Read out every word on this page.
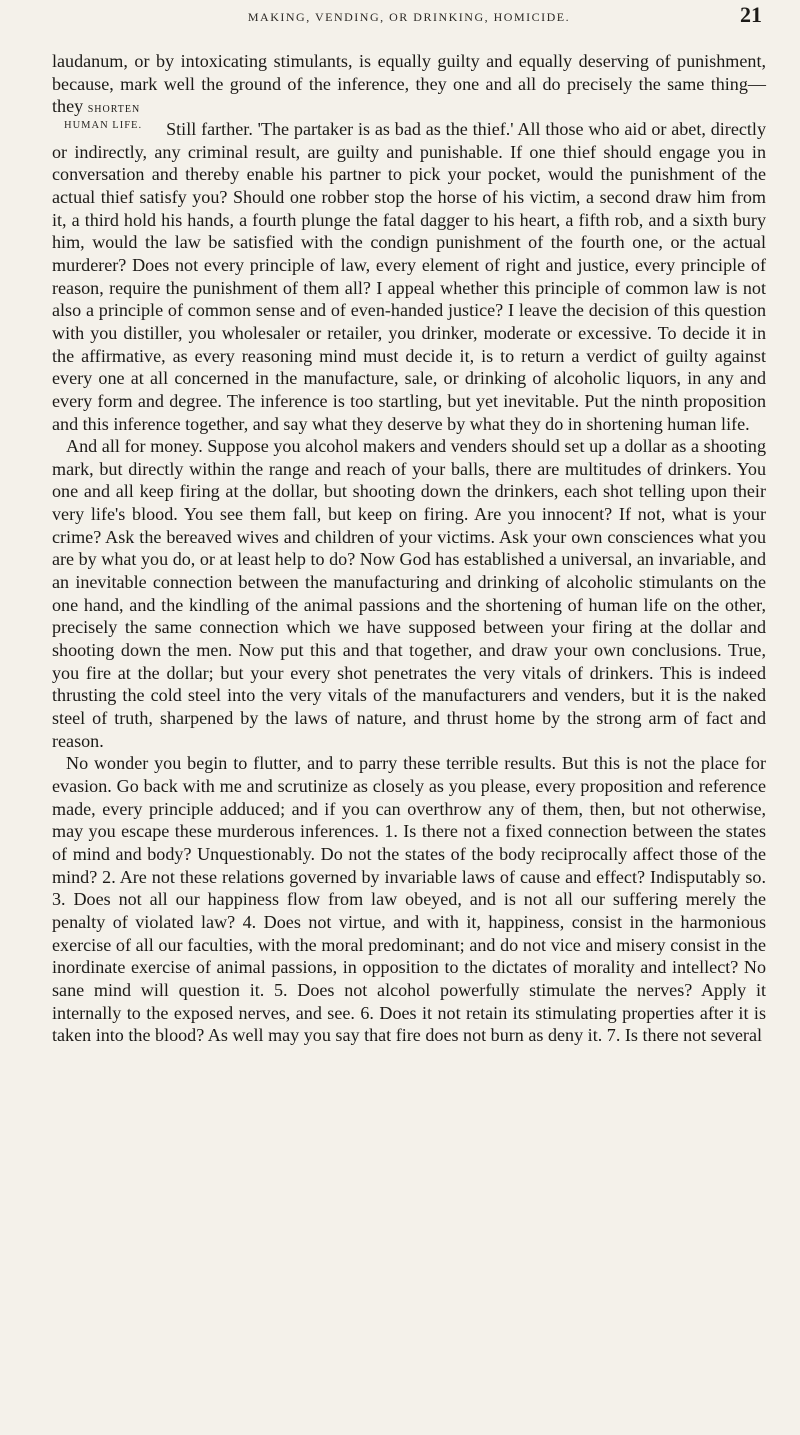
MAKING, VENDING, OR DRINKING, HOMICIDE.	21

laudanum, or by intoxicating stimulants, is equally guilty and equally deserving of punishment, because, mark well the ground of the inference, they one and all do precisely the same thing—they shorten

HUMAN LIFE. Still farther. 'The partaker is as bad as the thief.' All those who aid or abet, directly or indirectly, any criminal result, are guilty and punishable. If one thief should engage you in conversation and thereby enable his partner to pick your pocket, would the punishment of the actual thief satisfy you? Should one robber stop the horse of his victim, a second draw him from it, a third hold his hands, a fourth plunge the fatal dagger to his heart, a fifth rob, and a sixth bury him, would the law be satisfied with the condign punishment of the fourth one, or the actual murderer? Does not every principle of law, every element of right and justice, every principle of reason, require the punishment of them all? I appeal whether this principle of common law is not also a principle of common sense and of even-handed justice? I leave the decision of this question with you distiller, you wholesaler or retailer, you drinker, moderate or excessive. To decide it in the affirmative, as every reasoning mind must decide it, is to return a verdict of guilty against every one at all concerned in the manufacture, sale, or drinking of alcoholic liquors, in any and every form and degree. The inference is too startling, but yet inevitable. Put the ninth proposition and this inference together, and say what they deserve by what they do in shortening human life.

And all for money. Suppose you alcohol makers and venders should set up a dollar as a shooting mark, but directly within the range and reach of your balls, there are multitudes of drinkers. You one and all keep firing at the dollar, but shooting down the drinkers, each shot telling upon their very life's blood. You see them fall, but keep on firing. Are you innocent? If not, what is your crime? Ask the bereaved wives and children of your victims. Ask your own consciences what you are by what you do, or at least help to do? Now God has established a universal, an invariable, and an inevitable connection between the manufacturing and drinking of alcoholic stimulants on the one hand, and the kindling of the animal passions and the shortening of human life on the other, precisely the same connection which we have supposed between your firing at the dollar and shooting down the men. Now put this and that together, and draw your own conclusions. True, you fire at the dollar; but your every shot penetrates the very vitals of drinkers. This is indeed thrusting the cold steel into the very vitals of the manufacturers and venders, but it is the naked steel of truth, sharpened by the laws of nature, and thrust home by the strong arm of fact and reason.

No wonder you begin to flutter, and to parry these terrible results. But this is not the place for evasion. Go back with me and scrutinize as closely as you please, every proposition and reference made, every principle adduced; and if you can overthrow any of them, then, but not otherwise, may you escape these murderous inferences. 1. Is there not a fixed connection between the states of mind and body? Unquestionably. Do not the states of the body reciprocally affect those of the mind? 2. Are not these relations governed by invariable laws of cause and effect? Indisputably so. 3. Does not all our happiness flow from law obeyed, and is not all our suffering merely the penalty of violated law? 4. Does not virtue, and with it, happiness, consist in the harmonious exercise of all our faculties, with the moral predominant; and do not vice and misery consist in the inordinate exercise of animal passions, in opposition to the dictates of morality and intellect? No sane mind will question it. 5. Does not alcohol powerfully stimulate the nerves? Apply it internally to the exposed nerves, and see. 6. Does it not retain its stimulating properties after it is taken into the blood? As well may you say that fire does not burn as deny it. 7. Is there not several
